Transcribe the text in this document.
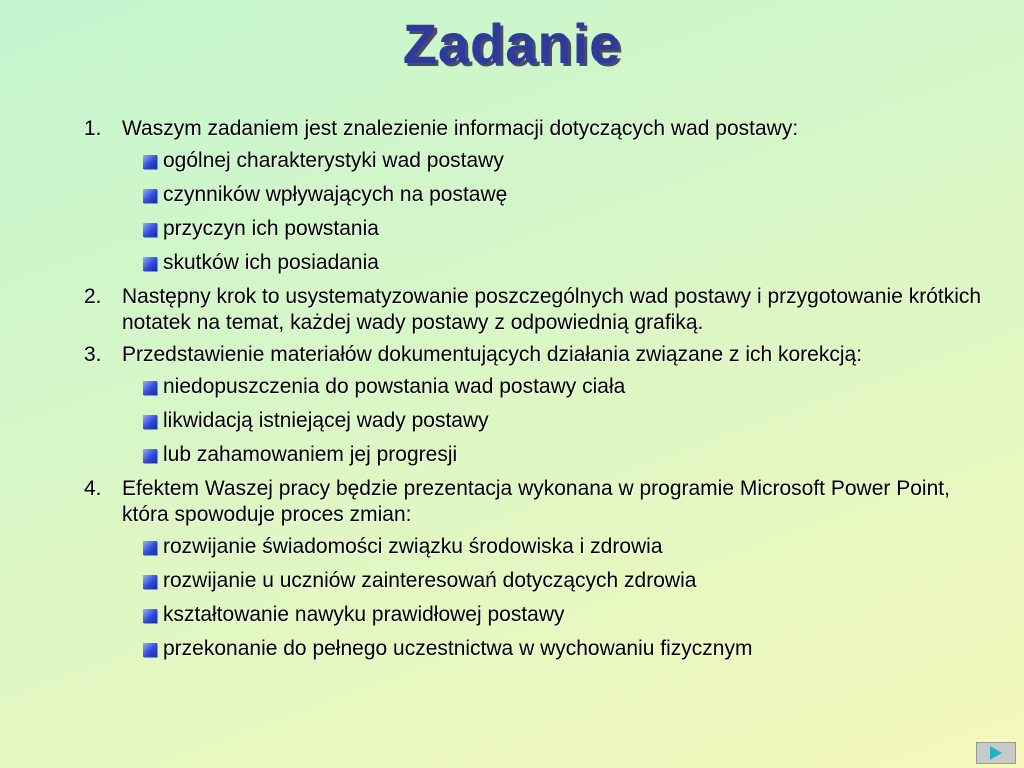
Zadanie
1. Waszym zadaniem jest znalezienie informacji dotyczących wad postawy:
ogólnej charakterystyki wad postawy
czynników wpływających na postawę
przyczyn ich powstania
skutków ich posiadania
2. Następny krok to usystematyzowanie poszczególnych wad postawy i przygotowanie krótkich notatek na temat, każdej wady postawy z odpowiednią grafiką.
3. Przedstawienie materiałów dokumentujących działania związane z ich korekcją:
niedopuszczenia do powstania wad postawy ciała
likwidacją istniejącej wady postawy
lub zahamowaniem jej progresji
4. Efektem Waszej pracy będzie prezentacja wykonana w programie Microsoft Power Point, która spowoduje proces zmian:
rozwijanie świadomości związku środowiska i zdrowia
rozwijanie u uczniów zainteresowań dotyczących zdrowia
kształtowanie nawyku prawidłowej postawy
przekonanie do pełnego uczestnictwa w wychowaniu fizycznym
